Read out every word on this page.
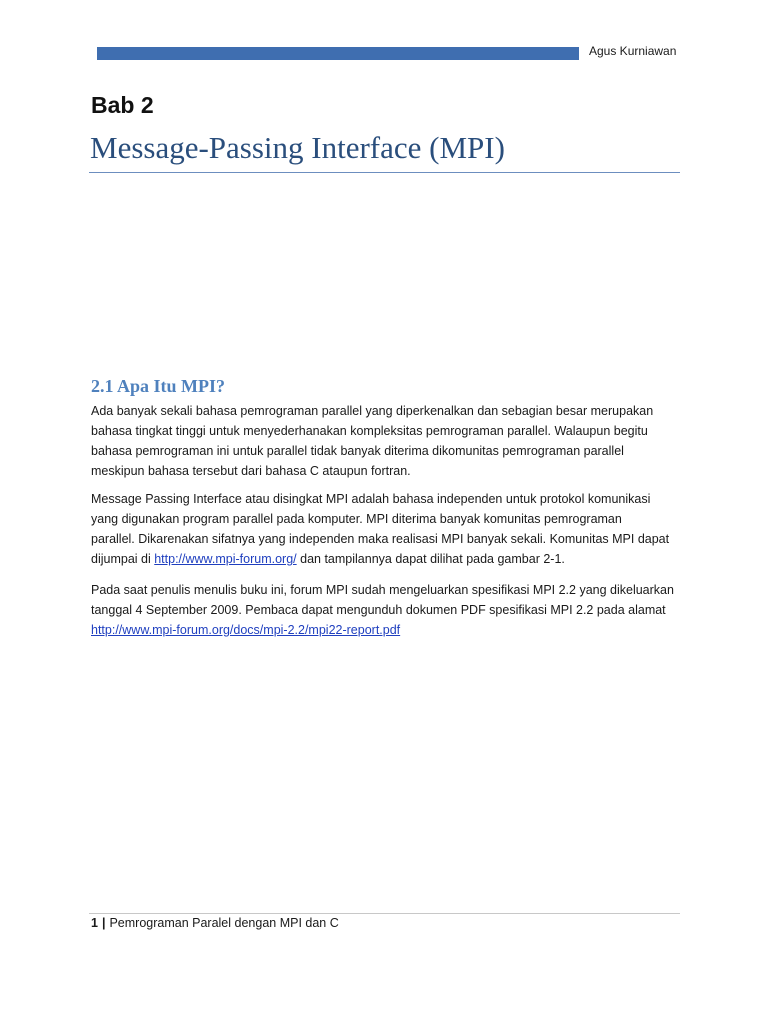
Agus Kurniawan
Bab 2
Message-Passing Interface (MPI)
2.1 Apa Itu MPI?

Ada banyak sekali bahasa pemrograman parallel yang diperkenalkan dan sebagian besar merupakan
bahasa tingkat tinggi untuk menyederhanakan kompleksitas pemrograman parallel. Walaupun begitu
bahasa pemrograman ini untuk parallel tidak banyak diterima dikomunitas pemrograman parallel
meskipun bahasa tersebut dari bahasa C ataupun fortran.

Message Passing Interface atau disingkat MPI adalah bahasa independen untuk protokol komunikasi
yang digunakan program parallel pada komputer. MPI diterima banyak komunitas pemrograman
parallel. Dikarenakan sifatnya yang independen maka realisasi MPI banyak sekali. Komunitas MPI dapat
dijumpai di http://www.mpi-forum.org/ dan tampilannya dapat dilihat pada gambar 2-1.

Pada saat penulis menulis buku ini, forum MPI sudah mengeluarkan spesifikasi MPI 2.2 yang dikeluarkan
tanggal 4 September 2009. Pembaca dapat mengunduh dokumen PDF spesifikasi MPI 2.2 pada alamat
http://www.mpi-forum.org/docs/mpi-2.2/mpi22-report.pdf

1 | Pemrograman Paralel dengan MPI dan C
